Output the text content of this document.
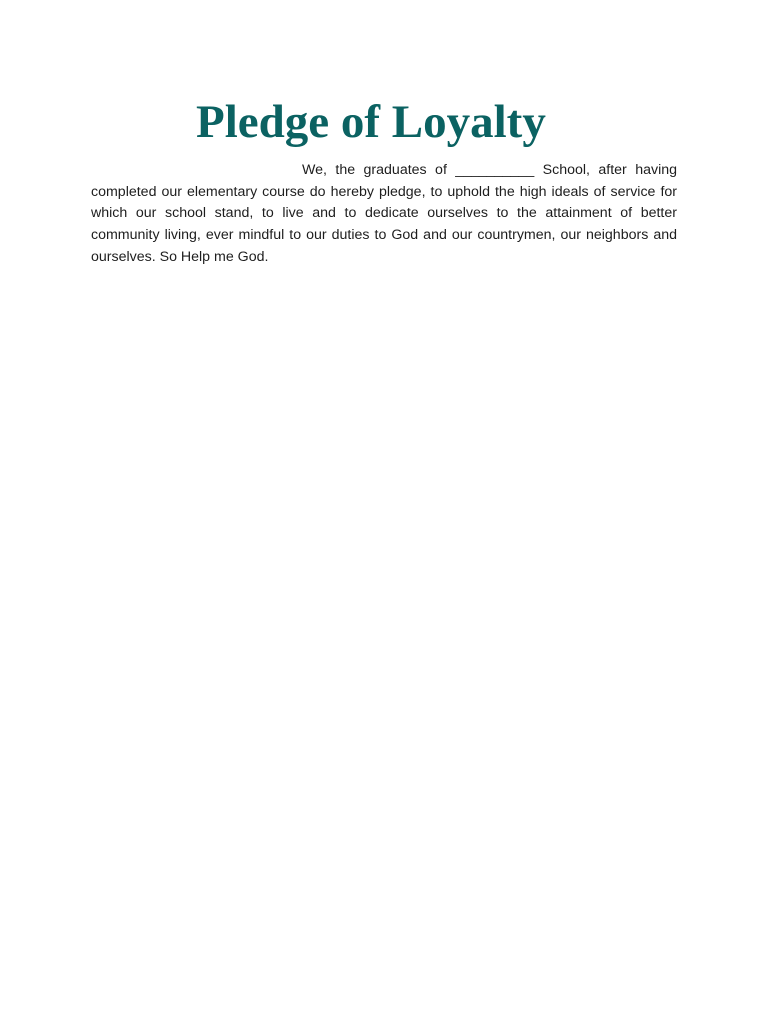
Pledge of Loyalty

We, the graduates of __________ School, after having completed our elementary course do hereby pledge, to uphold the high ideals of service for which our school stand, to live and to dedicate ourselves to the attainment of better community living, ever mindful to our duties to God and our countrymen, our neighbors and ourselves. So Help me God.
